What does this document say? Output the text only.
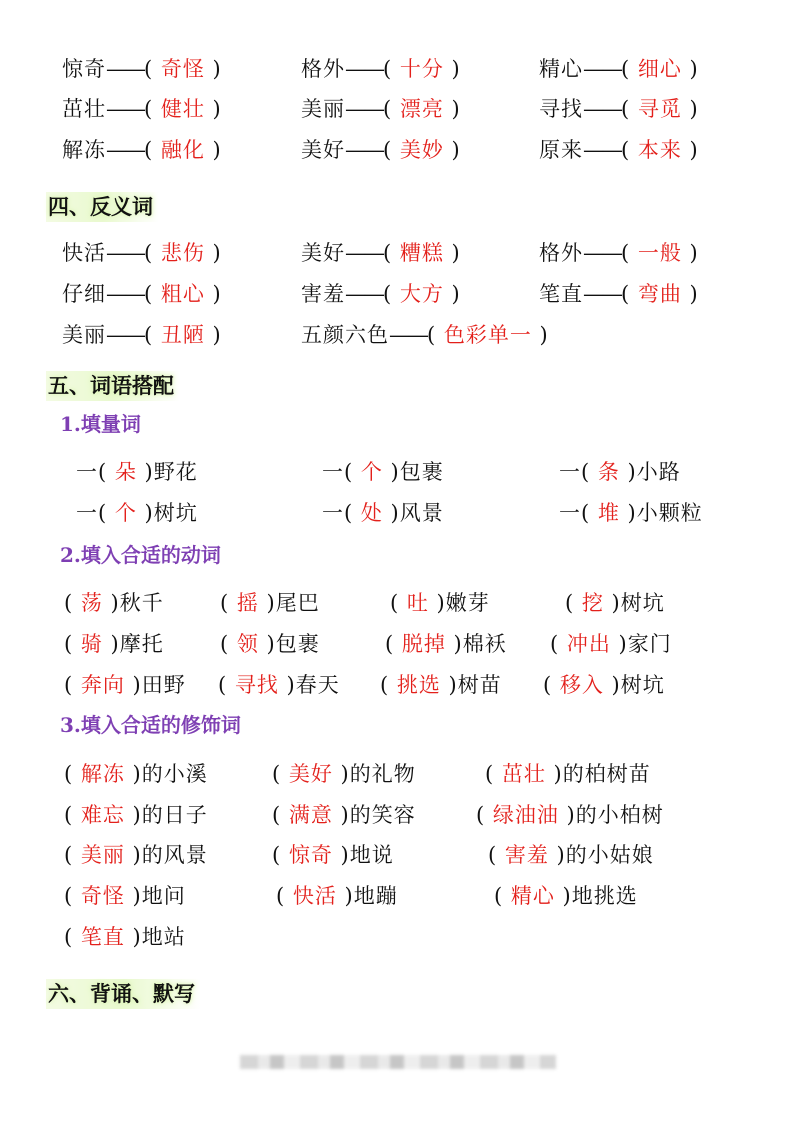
惊奇——( 奇怪 )	格外——( 十分 )	精心——( 细心 )
茁壮——( 健壮 )	美丽——( 漂亮 )	寻找——( 寻觅 )
解冻——( 融化 )	美好——( 美妙 )	原来——( 本来 )
四、反义词
快活——( 悲伤 )	美好——( 糟糕 )	格外——( 一般 )
仔细——( 粗心 )	害羞——( 大方 )	笔直——( 弯曲 )
美丽——( 丑陋 )	五颜六色——( 色彩单一 )
五、词语搭配
1.填量词
一( 朵 )野花	一( 个 )包裹	一( 条 )小路
一( 个 )树坑	一( 处 )风景	一( 堆 )小颗粒
2.填入合适的动词
( 荡 )秋千	( 摇 )尾巴	( 吐 )嫩芽	( 挖 )树坑
( 骑 )摩托	( 领 )包裹	( 脱掉 )棉袄 ( 冲出 )家门
( 奔向 )田野 ( 寻找 )春天 ( 挑选 )树苗 ( 移入 )树坑
3.填入合适的修饰词
( 解冻 )的小溪	( 美好 )的礼物	( 茁壮 )的柏树苗
( 难忘 )的日子	( 满意 )的笑容	( 绿油油 )的小柏树
( 美丽 )的风景	( 惊奇 )地说	( 害羞 )的小姑娘
( 奇怪 )地问	( 快活 )地蹦	( 精心 )地挑选
( 笔直 )地站
六、背诵、默写
